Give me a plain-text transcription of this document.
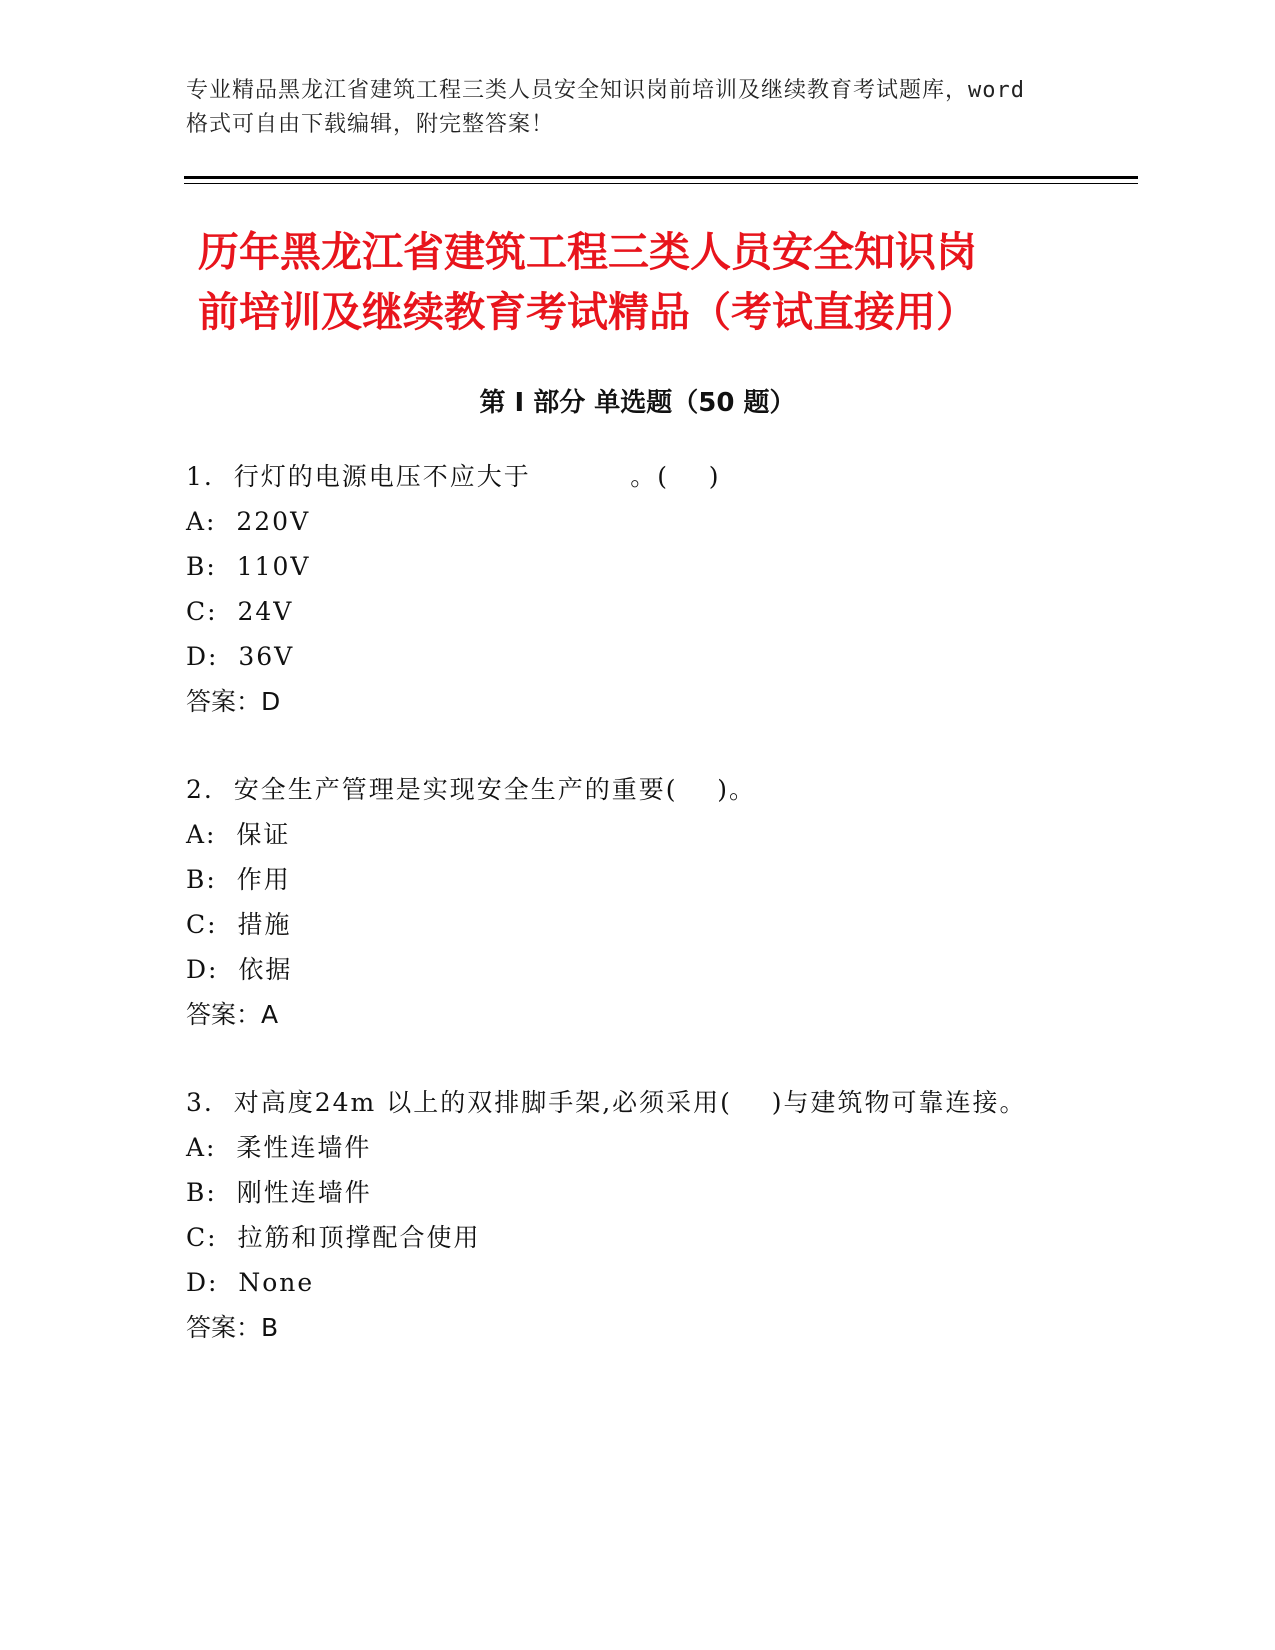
专业精品黑龙江省建筑工程三类人员安全知识岗前培训及继续教育考试题库，word
格式可自由下载编辑，附完整答案！
历年黑龙江省建筑工程三类人员安全知识岗
前培训及继续教育考试精品（考试直接用）
第 I 部分 单选题（50 题）
1.  行灯的电源电压不应大于          。(    )
A:  220V
B:  110V
C:  24V
D:  36V
答案：D
2.  安全生产管理是实现安全生产的重要(    )。
A:  保证
B:  作用
C:  措施
D:  依据
答案：A
3.  对高度24m 以上的双排脚手架,必须采用(    )与建筑物可靠连接。
A:  柔性连墙件
B:  刚性连墙件
C:  拉筋和顶撑配合使用
D:  None
答案：B
